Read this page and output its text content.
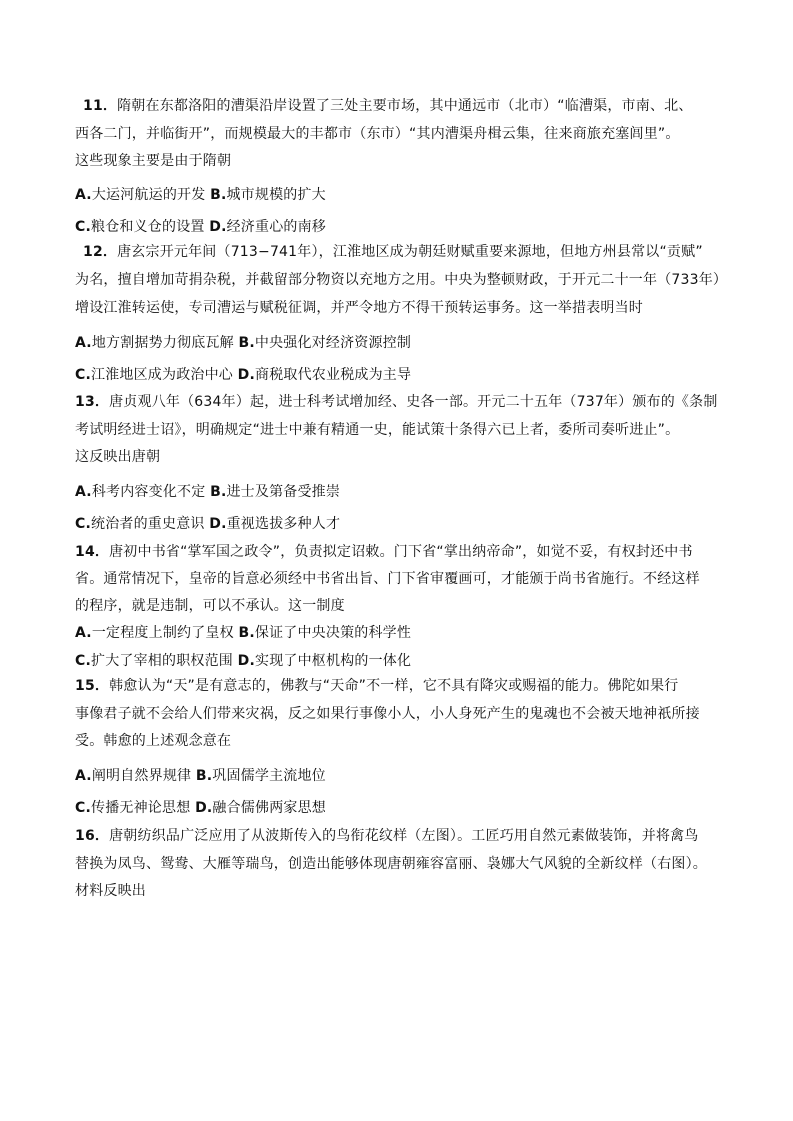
11．隋朝在东都洛阳的漕渠沿岸设置了三处主要市场，其中通远市（北市）“临漕渠，市南、北、
西各二门，并临街开”，而规模最大的丰都市（东市）“其内漕渠舟楫云集，往来商旅充塞闾里”。
这些现象主要是由于隋朝
A.大运河航运的开发 B.城市规模的扩大
C.粮仓和义仓的设置 D.经济重心的南移
12．唐玄宗开元年间（713−741年），江淮地区成为朝廷财赋重要来源地，但地方州县常以“贡赋”
为名，擅自增加苛捐杂税，并截留部分物资以充地方之用。中央为整顿财政，于开元二十一年（733年）
增设江淮转运使，专司漕运与赋税征调，并严令地方不得干预转运事务。这一举措表明当时
A.地方割据势力彻底瓦解 B.中央强化对经济资源控制
C.江淮地区成为政治中心 D.商税取代农业税成为主导
13．唐贞观八年（634年）起，进士科考试增加经、史各一部。开元二十五年（737年）颁布的《条制
考试明经进士诏》，明确规定“进士中兼有精通一史，能试策十条得六已上者，委所司奏听进止”。
这反映出唐朝
A.科考内容变化不定 B.进士及第备受推崇
C.统治者的重史意识 D.重视选拔多种人才
14．唐初中书省“掌军国之政令”，负责拟定诏敕。门下省“掌出纳帝命”，如觉不妥，有权封还中书
省。通常情况下，皇帝的旨意必须经中书省出旨、门下省审覆画可，才能颁于尚书省施行。不经这样
的程序，就是违制，可以不承认。这一制度
A.一定程度上制约了皇权 B.保证了中央决策的科学性
C.扩大了宰相的职权范围 D.实现了中枢机构的一体化
15．韩愈认为“天”是有意志的，佛教与“天命”不一样，它不具有降灾或赐福的能力。佛陀如果行
事像君子就不会给人们带来灾祸，反之如果行事像小人，小人身死产生的鬼魂也不会被天地神祇所接
受。韩愈的上述观念意在
A.阐明自然界规律 B.巩固儒学主流地位
C.传播无神论思想 D.融合儒佛两家思想
16．唐朝纺织品广泛应用了从波斯传入的鸟衔花纹样（左图）。工匠巧用自然元素做装饰，并将禽鸟
替换为凤鸟、鸳鸯、大雁等瑞鸟，创造出能够体现唐朝雍容富丽、袅娜大气风貌的全新纹样（右图）。
材料反映出
